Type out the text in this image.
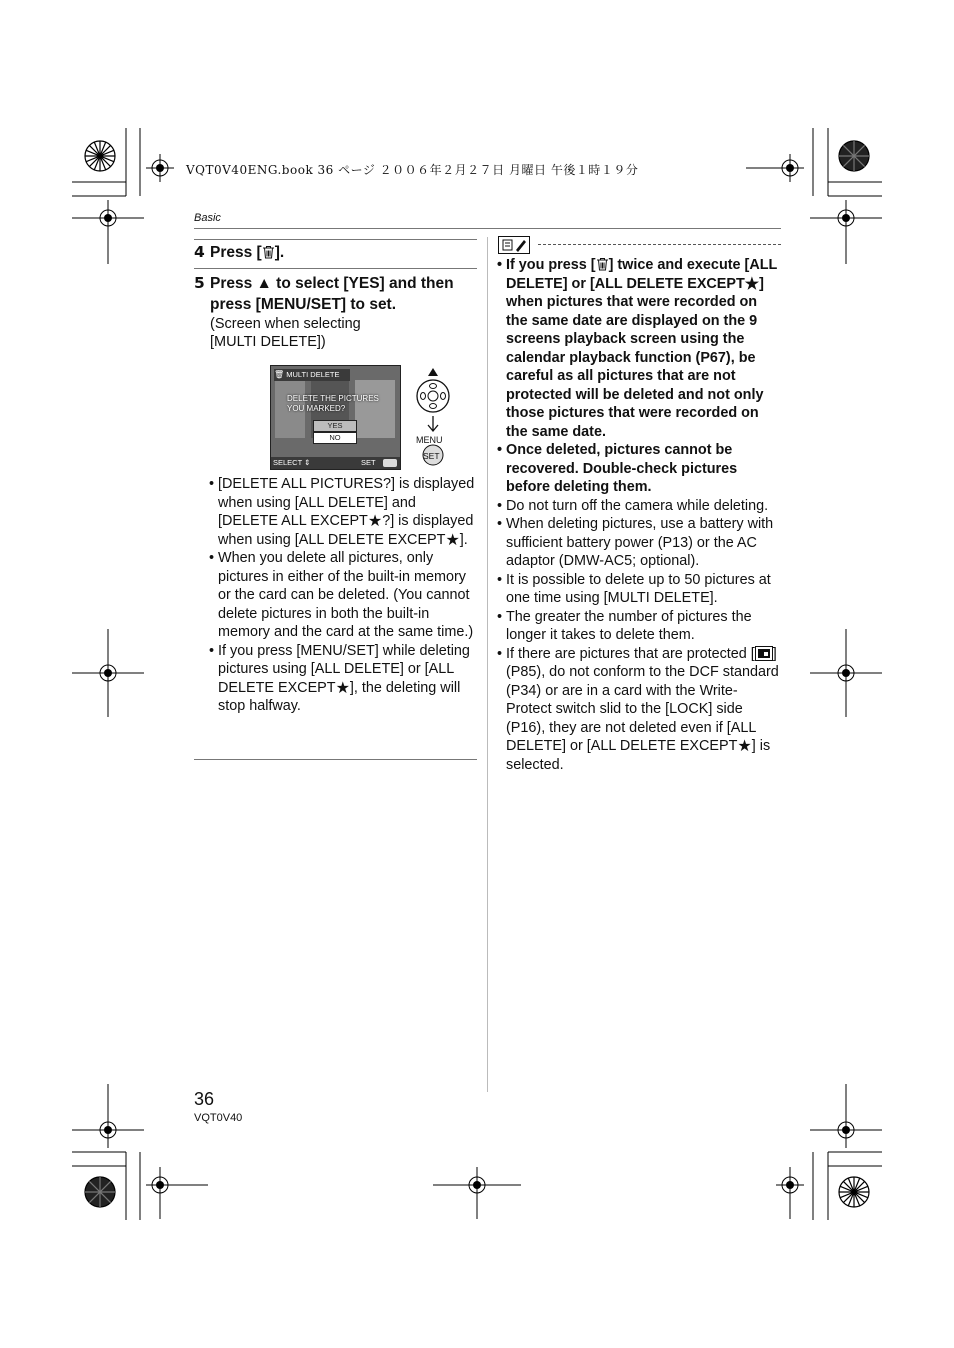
VQT0V40ENG.book 36 ページ ２００６年２月２７日 月曜日 午後１時１９分
Basic
4 Press [ ].
5 Press ▲ to select [YES] and then
press [MENU/SET] to set.
(Screen when selecting
[MULTI DELETE])
🗑 MULTI DELETE
DELETE THE PICTURES
YOU MARKED?
YES
NO
SELECT ⇕	SET
MENU
SET
• [DELETE ALL PICTURES?] is displayed when using [ALL DELETE] and [DELETE ALL EXCEPT★?] is displayed when using [ALL DELETE EXCEPT★].
• When you delete all pictures, only pictures in either of the built-in memory or the card can be deleted. (You cannot delete pictures in both the built-in memory and the card at the same time.)
• If you press [MENU/SET] while deleting pictures using [ALL DELETE] or [ALL DELETE EXCEPT★], the deleting will stop halfway.
• If you press [ ] twice and execute [ALL DELETE] or [ALL DELETE EXCEPT★] when pictures that were recorded on the same date are displayed on the 9 screens playback screen using the calendar playback function (P67), be careful as all pictures that are not protected will be deleted and not only those pictures that were recorded on the same date.
• Once deleted, pictures cannot be recovered. Double-check pictures before deleting them.
• Do not turn off the camera while deleting.
• When deleting pictures, use a battery with sufficient battery power (P13) or the AC adaptor (DMW-AC5; optional).
• It is possible to delete up to 50 pictures at one time using [MULTI DELETE].
• The greater the number of pictures the longer it takes to delete them.
• If there are pictures that are protected [ ] (P85), do not conform to the DCF standard (P34) or are in a card with the Write-Protect switch slid to the [LOCK] side (P16), they are not deleted even if [ALL DELETE] or [ALL DELETE EXCEPT★] is selected.
36
VQT0V40
